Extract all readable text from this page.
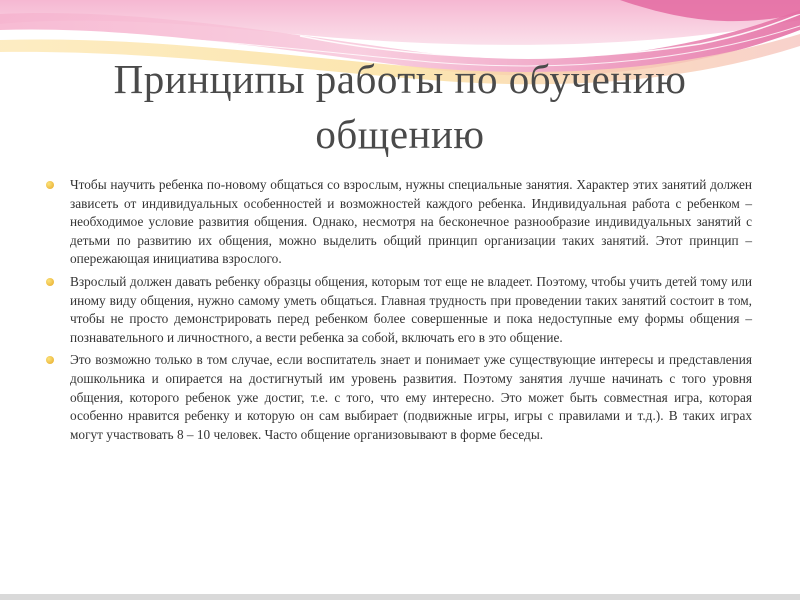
Принципы работы по обучению общению
Чтобы научить ребенка по-новому общаться со взрослым, нужны специальные занятия. Характер этих занятий должен зависеть от индивидуальных особенностей и возможностей каждого ребенка. Индивидуальная работа с ребенком – необходимое условие развития общения. Однако, несмотря на бесконечное разнообразие индивидуальных занятий с детьми по развитию их общения, можно выделить общий принцип организации таких занятий. Этот принцип – опережающая инициатива взрослого.
Взрослый должен давать ребенку образцы общения, которым тот еще не владеет. Поэтому, чтобы учить детей тому или иному виду общения, нужно самому уметь общаться. Главная трудность при проведении таких занятий состоит в том, чтобы не просто демонстрировать перед ребенком более совершенные и пока недоступные ему формы общения – познавательного и личностного, а вести ребенка за собой, включать его в это общение.
Это возможно только в том случае, если воспитатель знает и понимает уже существующие интересы и представления дошкольника и опирается на достигнутый им уровень развития. Поэтому занятия лучше начинать с того уровня общения, которого ребенок уже достиг, т.е. с того, что ему интересно. Это может быть совместная игра, которая особенно нравится ребенку и которую он сам выбирает (подвижные игры, игры с правилами и т.д.). В таких играх могут участвовать 8 – 10 человек. Часто общение организовывают в форме беседы.
